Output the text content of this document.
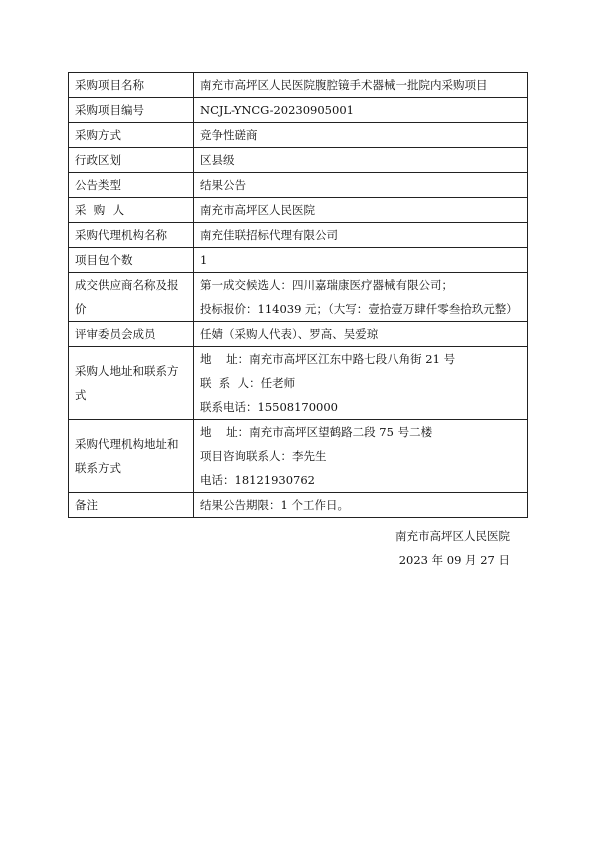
采购项目名称	南充市高坪区人民医院腹腔镜手术器械一批院内采购项目

采购项目编号	NCJL-YNCG-20230905001

采购方式	竞争性磋商

行政区划	区县级

公告类型	结果公告

采  购  人	南充市高坪区人民医院

采购代理机构名称	南充佳联招标代理有限公司

项目包个数	1

成交供应商名称及报价	第一成交候选人：四川嘉瑞康医疗器械有限公司；
投标报价：114039 元；（大写：壹拾壹万肆仟零叁拾玖元整）

评审委员会成员	任婧（采购人代表）、罗高、吴爱琼

采购人地址和联系方式	地    址：南充市高坪区江东中路七段八角街 21 号
联  系  人：任老师
联系电话：15508170000

采购代理机构地址和联系方式	地    址：南充市高坪区望鹤路二段 75 号二楼
项目咨询联系人：李先生
电话：18121930762

备注	结果公告期限：1 个工作日。
南充市高坪区人民医院
2023 年 09 月 27 日
